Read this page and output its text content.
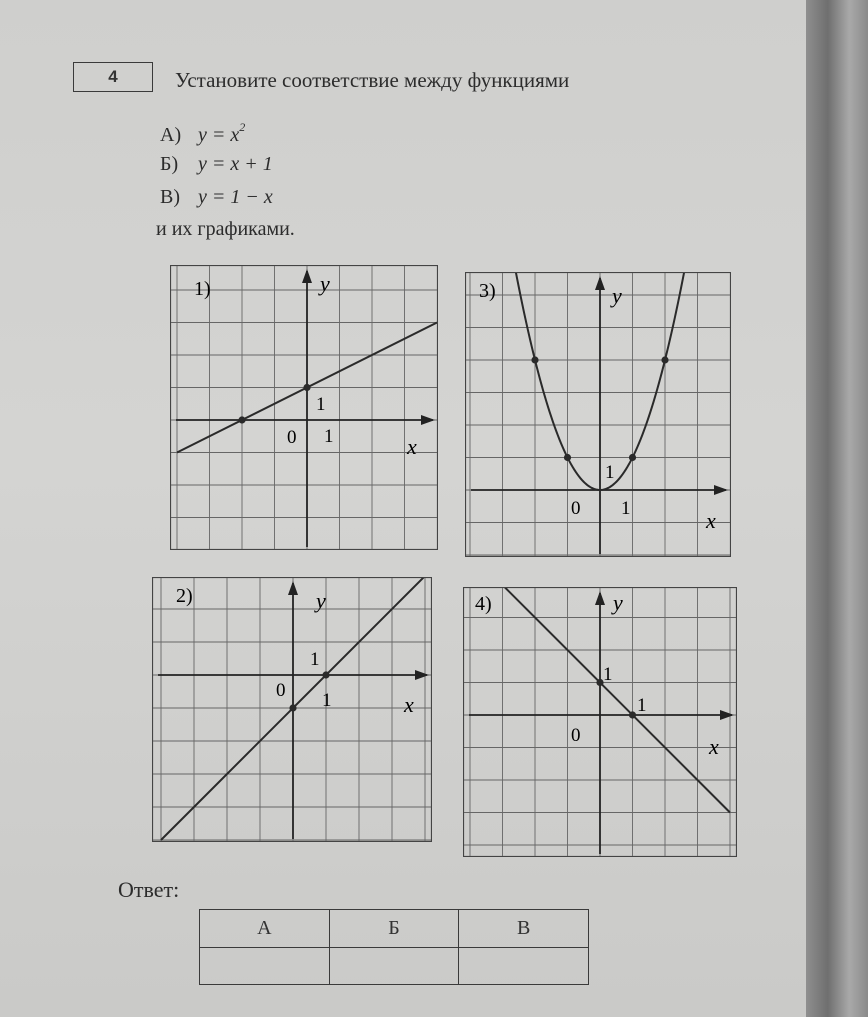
4	Установите соответствие между функциями
А) $y = x^2$
Б) y = x + 1
В) y = 1 − x
и их графиками.
1)	y
x
0 1
1
3)	y
x
0 1
1
2)	y
x
0 1
1
4)	y
x
0
1
1
Ответ:
А	Б	В
